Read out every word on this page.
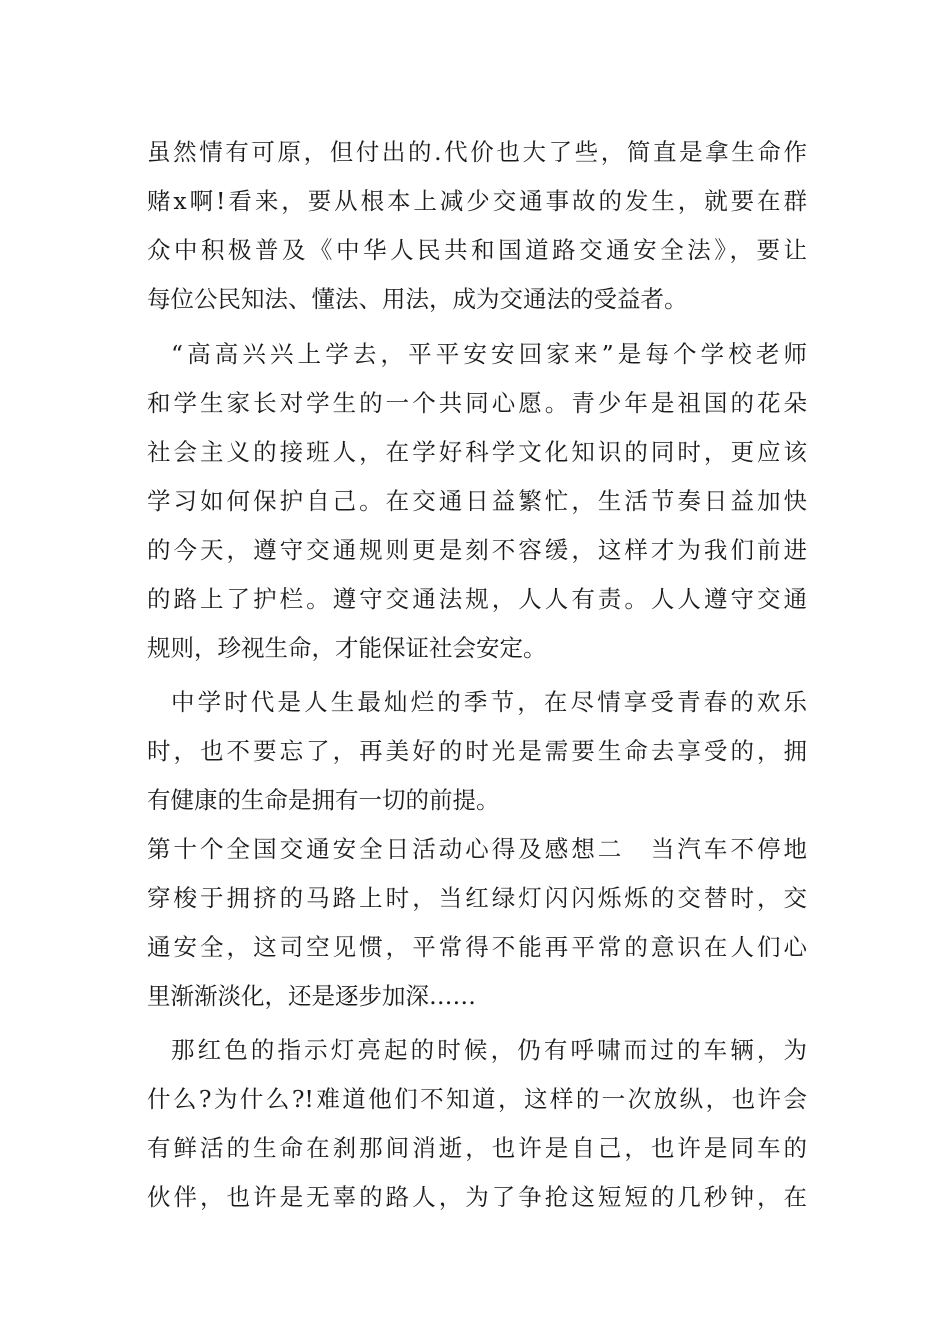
虽然情有可原，但付出的.代价也大了些，简直是拿生命作
赌x啊!看来，要从根本上减少交通事故的发生，就要在群
众中积极普及《中华人民共和国道路交通安全法》，要让
每位公民知法、懂法、用法，成为交通法的受益者。
“高高兴兴上学去，平平安安回家来”是每个学校老师
和学生家长对学生的一个共同心愿。青少年是祖国的花朵
社会主义的接班人，在学好科学文化知识的同时，更应该
学习如何保护自己。在交通日益繁忙，生活节奏日益加快
的今天，遵守交通规则更是刻不容缓，这样才为我们前进
的路上了护栏。遵守交通法规，人人有责。人人遵守交通
规则，珍视生命，才能保证社会安定。
中学时代是人生最灿烂的季节，在尽情享受青春的欢乐
时，也不要忘了，再美好的时光是需要生命去享受的，拥
有健康的生命是拥有一切的前提。
第十个全国交通安全日活动心得及感想二　当汽车不停地
穿梭于拥挤的马路上时，当红绿灯闪闪烁烁的交替时，交
通安全，这司空见惯，平常得不能再平常的意识在人们心
里渐渐淡化，还是逐步加深……
那红色的指示灯亮起的时候，仍有呼啸而过的车辆，为
什么?为什么?!难道他们不知道，这样的一次放纵，也许会
有鲜活的生命在刹那间消逝，也许是自己，也许是同车的
伙伴，也许是无辜的路人，为了争抢这短短的几秒钟，在
